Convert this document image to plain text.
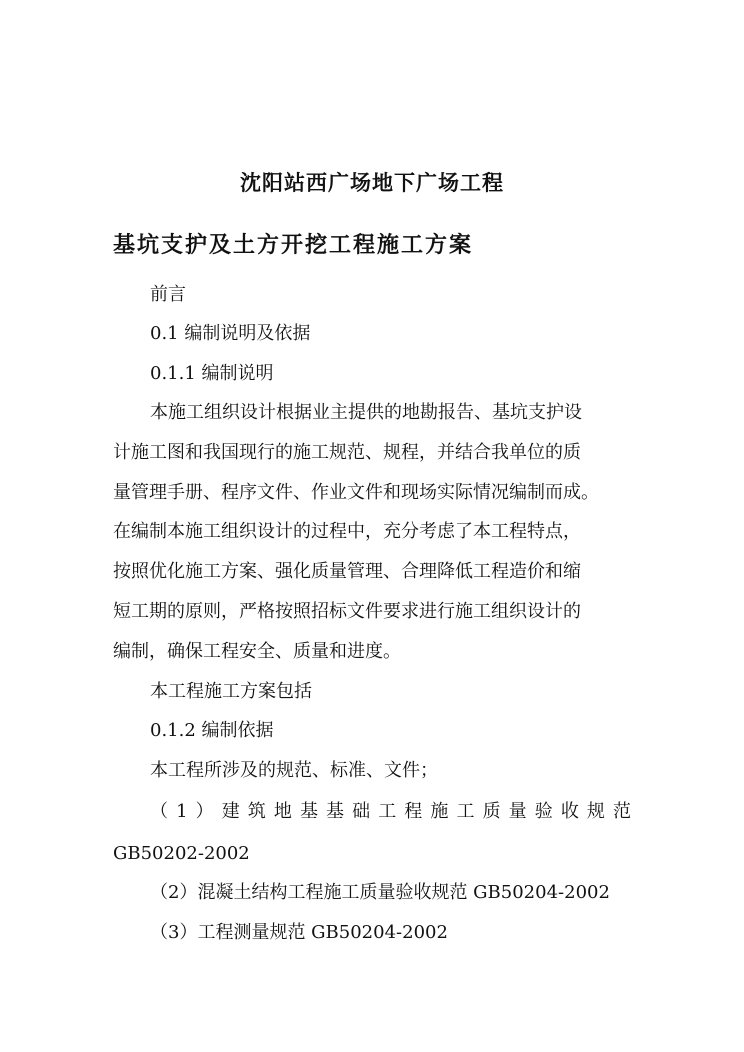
沈阳站西广场地下广场工程
基坑支护及土方开挖工程施工方案
前言
0.1 编制说明及依据
0.1.1 编制说明
本施工组织设计根据业主提供的地勘报告、基坑支护设
计施工图和我国现行的施工规范、规程，并结合我单位的质
量管理手册、程序文件、作业文件和现场实际情况编制而成。
在编制本施工组织设计的过程中，充分考虑了本工程特点，
按照优化施工方案、强化质量管理、合理降低工程造价和缩
短工期的原则，严格按照招标文件要求进行施工组织设计的
编制，确保工程安全、质量和进度。
本工程施工方案包括
0.1.2 编制依据
本工程所涉及的规范、标准、文件；
（1）建筑地基基础工程施工质量验收规范
GB50202-2002
（2）混凝土结构工程施工质量验收规范 GB50204-2002
（3）工程测量规范 GB50204-2002
